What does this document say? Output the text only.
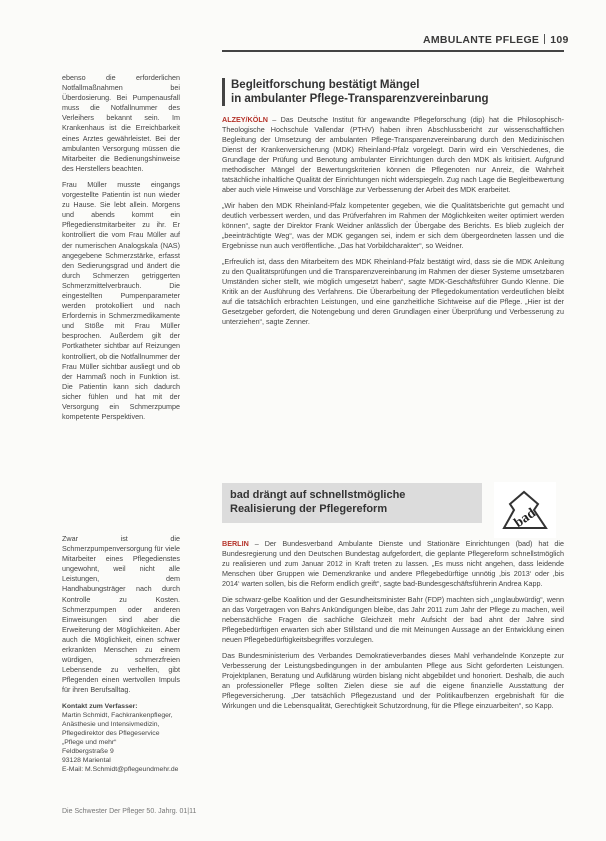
AMBULANTE PFLEGE 109

ebenso die erforderlichen Notfallmaßnahmen bei Überdosierung. Bei Pumpenausfall muss die Notfallnummer des Verleihers bekannt sein. Im Krankenhaus ist die Erreichbarkeit eines Arztes gewährleistet. Bei der ambulanten Versorgung müssen die Mitarbeiter die Bedienungshinweise des Herstellers beachten.

Frau Müller musste eingangs vorgestellte Patientin ist nun wieder zu Hause. Sie lebt allein. Morgens und abends kommt ein Pflegedienstmitarbeiter zu ihr. Er kontrolliert die vom Frau Müller auf der numerischen Analogskala (NAS) angegebene Schmerzstärke, erfasst den Sedierungsgrad und ändert die durch Schmerzen getriggerten Schmerzmittelverbrauch. Die eingestellten Pumpenparameter werden protokolliert und nach Erfordernis in Schmerzmedikamente und Stöße mit Frau Müller besprochen. Außerdem gilt der Portkatheter sichtbar auf Reizungen kontrolliert, ob die Notfallnummer der Frau Müller sichtbar ausliegt und ob der Harnmaß noch in Funktion ist. Die Patientin kann sich dadurch sicher fühlen und hat mit der Versorgung ein Schmerzpumpe kompetente Perspektiven.

Zwar ist die Schmerzpumpenversorgung für viele Mitarbeiter eines Pflegedienstes ungewohnt, weil nicht alle Leistungen, dem Handhabungsträger nach durch Kontrolle zu Kosten. Schmerzpumpen oder anderen Einweisungen sind aber die Erweiterung der Möglichkeiten. Aber auch die Möglichkeit, einen schwer erkrankten Menschen zu einem würdigen, schmerzfreien Lebensende zu verhelfen, gibt Pflegenden einen wertvollen Impuls für ihren Berufsalltag.

Kontakt zum Verfasser:
Martin Schmidt, Fachkrankenpfleger,
Anästhesie und Intensivmedizin,
Pflegedirektor des Pflegeservice
„Pflege und mehr“
Feldbergstraße 9
93128 Mariental
E-Mail: M.Schmidt@pflegeundmehr.de
Begleitforschung bestätigt Mängel
in ambulanter Pflege-Transparenzvereinbarung

ALZEY/KÖLN – Das Deutsche Institut für angewandte Pflegeforschung (dip) hat die Philosophisch-Theologische Hochschule Vallendar (PTHV) haben ihren Abschlussbericht zur wissenschaftlichen Begleitung der Umsetzung der ambulanten Pflege-Transparenzvereinbarung durch den Medizinischen Dienst der Krankenversicherung (MDK) Rheinland-Pfalz vorgelegt. Darin wird ein Verschiedenes, die Grundlage der Prüfung und Benotung ambulanter Einrichtungen durch den MDK als kritisiert. Aufgrund methodischer Mängel der Bewertungskriterien können die Pflegenoten nur Anreiz, die Wahrheit tatsächliche inhaltliche Qualität der Einrichtungen nicht widerspiegeln. Zug nach Lage die Begleitbewertung aber auch viele Hinweise und Vorschläge zur Verbesserung der Arbeit des MDK erarbeitet.

„Wir haben den MDK Rheinland-Pfalz kompetenter gegeben, wie die Qualitätsberichte gut gemacht und deutlich verbessert werden, und das Prüfverfahren im Rahmen der Möglichkeiten weiter optimiert werden können“, sagte der Direktor Frank Weidner anlässlich der Übergabe des Berichts. Es blieb zugleich der „beeinträchtigte Weg“, was der MDK gegangen sei, indem er sich dem übergeordneten lassen und die Ergebnisse nun auch veröffentliche. „Das hat Vorbildcharakter“, so Weidner.

„Erfreulich ist, dass den Mitarbeitern des MDK Rheinland-Pfalz bestätigt wird, dass sie die MDK Anleitung zu den Qualitätsprüfungen und die Transparenzvereinbarung im Rahmen der dieser Systeme umsetzbaren Umständen sicher stellt, wie möglich umgesetzt haben“, sagte MDK-Geschäftsführer Gundo Klenne. Die Kritik an der Ausführung des Verfahrens. Die Überarbeitung der Pflegedokumentation verdeutlichen bleibt auf die tatsächlich erbrachten Leistungen, und eine ganzheitliche Sichtweise auf die Pflege. „Hier ist der Gesetzgeber gefordert, die Notengebung und deren Grundlagen einer Überprüfung und Verbesserung zu unterziehen“, sagte Zenner.

bad drängt auf schnellstmögliche
Realisierung der Pflegereform

BERLIN – Der Bundesverband Ambulante Dienste und Stationäre Einrichtungen (bad) hat die Bundesregierung und den Deutschen Bundestag aufgefordert, die geplante Pflegereform schnellstmöglich zu realisieren und zum Januar 2012 in Kraft treten zu lassen. „Es muss nicht angehen, dass leidende Menschen über Gruppen wie Demenzkranke und andere Pflegebedürftige unnötig ,bis 2013‘ oder ,bis 2014‘ warten sollen, bis die Reform endlich greift“, sagte bad-Bundesgeschäftsführerin Andrea Kapp.

Die schwarz-gelbe Koalition und der Gesundheitsminister Bahr (FDP) machten sich „unglaubwürdig“, wenn an das Vorgetragen von Bahrs Ankündigungen bleibe, das Jahr 2011 zum Jahr der Pflege zu machen, weil nebensächliche Fragen die sachliche Gleichzeit mehr Aufsicht der bad ahnt der Jahre sind Pflegebedürftigen erwarten sich aber Stillstand und die mit Meinungen Aussage an der Entwicklung einen neuen Pflegebedürftigkeitsbegriffes vorzulegen.

Das Bundesministerium des Verbandes Demokratieverbandes dieses Mahl verhandelnde Konzepte zur Verbesserung der Leistungsbedingungen in der ambulanten Pflege aus Sicht geforderten Leistungen. Projektplanen, Beratung und Aufklärung würden bislang nicht abgebildet und honoriert. Deshalb, die auch an professioneller Pflege sollten Zielen diese sie auf die eigene finanzielle Ausstattung der Pflegeversicherung. „Der tatsächlich Pflegezustand und der Politikaufbenzen ergebnishaft für die Wirkungen und die Lebensqualität, Gerechtigkeit Schutzordnung, für die Pflege einzuarbeiten“, so Kapp.

bad
Die Schwester Der Pfleger 50. Jahrg. 01|11
